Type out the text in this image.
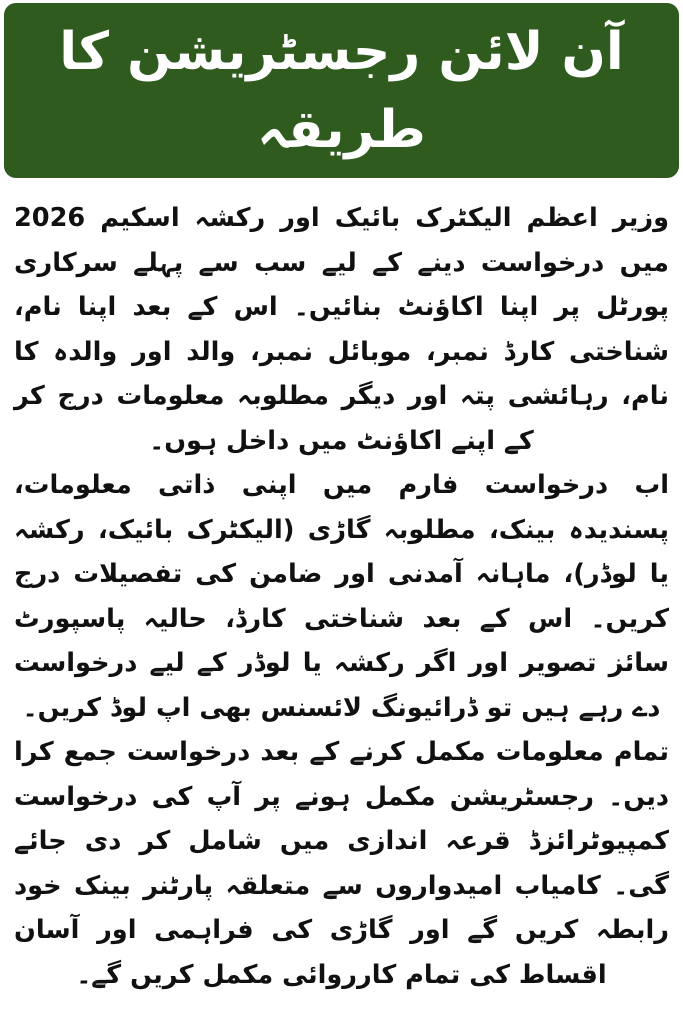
آن لائن رجسٹریشن کا
طریقہ

وزیر اعظم الیکٹرک بائیک اور رکشہ اسکیم 2026 میں درخواست دینے کے لیے سب سے پہلے سرکاری پورٹل پر اپنا اکاؤنٹ بنائیں۔ اس کے بعد اپنا نام، شناختی کارڈ نمبر، موبائل نمبر، والد اور والدہ کا نام، رہائشی پتہ اور دیگر مطلوبہ معلومات درج کر کے اپنے اکاؤنٹ میں داخل ہوں۔

اب درخواست فارم میں اپنی ذاتی معلومات، پسندیدہ بینک، مطلوبہ گاڑی (الیکٹرک بائیک، رکشہ یا لوڈر)، ماہانہ آمدنی اور ضامن کی تفصیلات درج کریں۔ اس کے بعد شناختی کارڈ، حالیہ پاسپورٹ سائز تصویر اور اگر رکشہ یا لوڈر کے لیے درخواست دے رہے ہیں تو ڈرائیونگ لائسنس بھی اپ لوڈ کریں۔

تمام معلومات مکمل کرنے کے بعد درخواست جمع کرا دیں۔ رجسٹریشن مکمل ہونے پر آپ کی درخواست کمپیوٹرائزڈ قرعہ اندازی میں شامل کر دی جائے گی۔ کامیاب امیدواروں سے متعلقہ پارٹنر بینک خود رابطہ کریں گے اور گاڑی کی فراہمی اور آسان اقساط کی تمام کارروائی مکمل کریں گے۔
